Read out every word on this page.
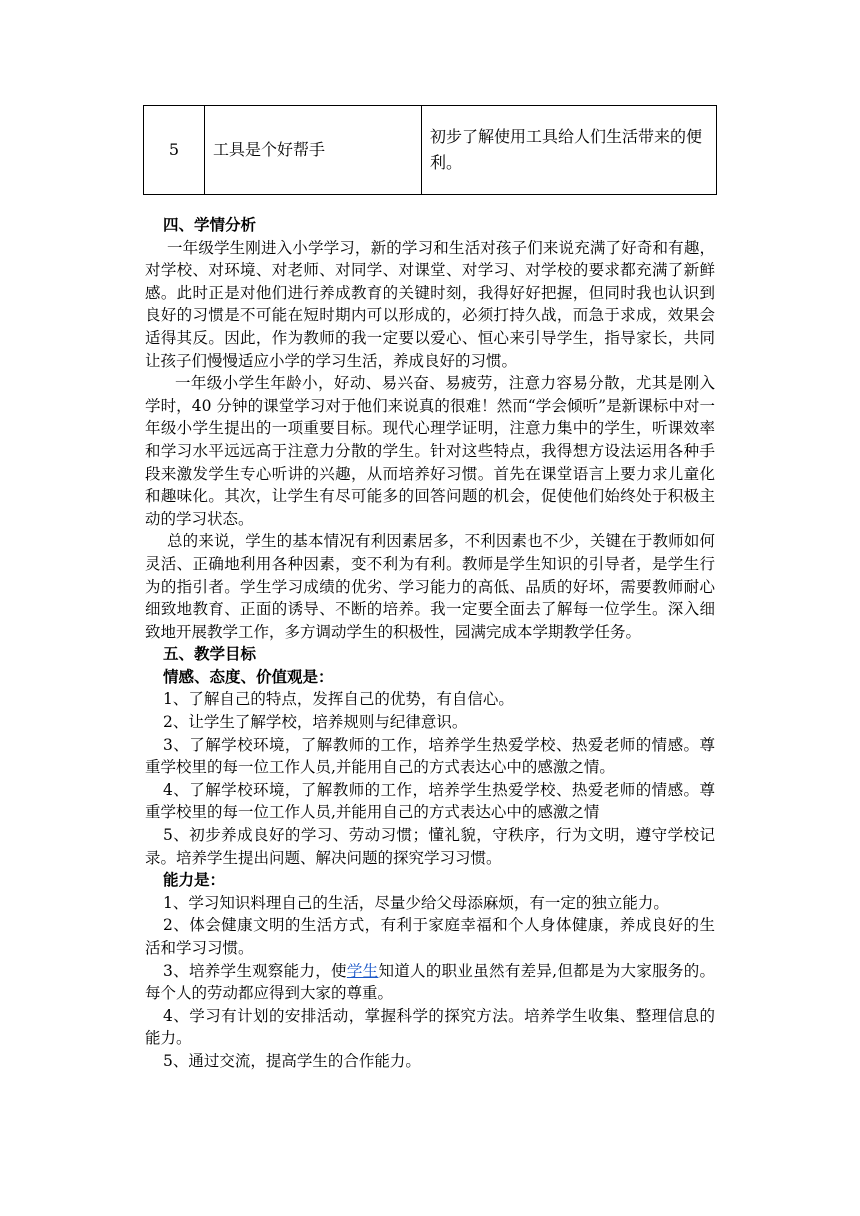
5	工具是个好帮手	初步了解使用工具给人们生活带来的便利。

四、学情分析

一年级学生刚进入小学学习，新的学习和生活对孩子们来说充满了好奇和有趣，对学校、对环境、对老师、对同学、对课堂、对学习、对学校的要求都充满了新鲜感。此时正是对他们进行养成教育的关键时刻，我得好好把握，但同时我也认识到良好的习惯是不可能在短时期内可以形成的，必须打持久战，而急于求成，效果会适得其反。因此，作为教师的我一定要以爱心、恒心来引导学生，指导家长，共同让孩子们慢慢适应小学的学习生活，养成良好的习惯。

一年级小学生年龄小，好动、易兴奋、易疲劳，注意力容易分散，尤其是刚入学时，40 分钟的课堂学习对于他们来说真的很难！然而“学会倾听”是新课标中对一年级小学生提出的一项重要目标。现代心理学证明，注意力集中的学生，听课效率和学习水平远远高于注意力分散的学生。针对这些特点，我得想方设法运用各种手段来激发学生专心听讲的兴趣，从而培养好习惯。首先在课堂语言上要力求儿童化和趣味化。其次，让学生有尽可能多的回答问题的机会，促使他们始终处于积极主动的学习状态。

总的来说，学生的基本情况有利因素居多，不利因素也不少，关键在于教师如何灵活、正确地利用各种因素，变不利为有利。教师是学生知识的引导者，是学生行为的指引者。学生学习成绩的优劣、学习能力的高低、品质的好坏，需要教师耐心细致地教育、正面的诱导、不断的培养。我一定要全面去了解每一位学生。深入细致地开展教学工作，多方调动学生的积极性，园满完成本学期教学任务。

五、教学目标

情感、态度、价值观是：

1、了解自己的特点，发挥自己的优势，有自信心。

2、让学生了解学校，培养规则与纪律意识。

3、了解学校环境，了解教师的工作，培养学生热爱学校、热爱老师的情感。尊重学校里的每一位工作人员,并能用自己的方式表达心中的感激之情。

4、了解学校环境，了解教师的工作，培养学生热爱学校、热爱老师的情感。尊重学校里的每一位工作人员,并能用自己的方式表达心中的感激之情

5、初步养成良好的学习、劳动习惯；懂礼貌，守秩序，行为文明，遵守学校记录。培养学生提出问题、解决问题的探究学习习惯。

能力是：

1、学习知识料理自己的生活，尽量少给父母添麻烦，有一定的独立能力。

2、体会健康文明的生活方式，有利于家庭幸福和个人身体健康，养成良好的生活和学习习惯。

3、培养学生观察能力，使学生知道人的职业虽然有差异,但都是为大家服务的。每个人的劳动都应得到大家的尊重。

4、学习有计划的安排活动，掌握科学的探究方法。培养学生收集、整理信息的能力。

5、通过交流，提高学生的合作能力。
